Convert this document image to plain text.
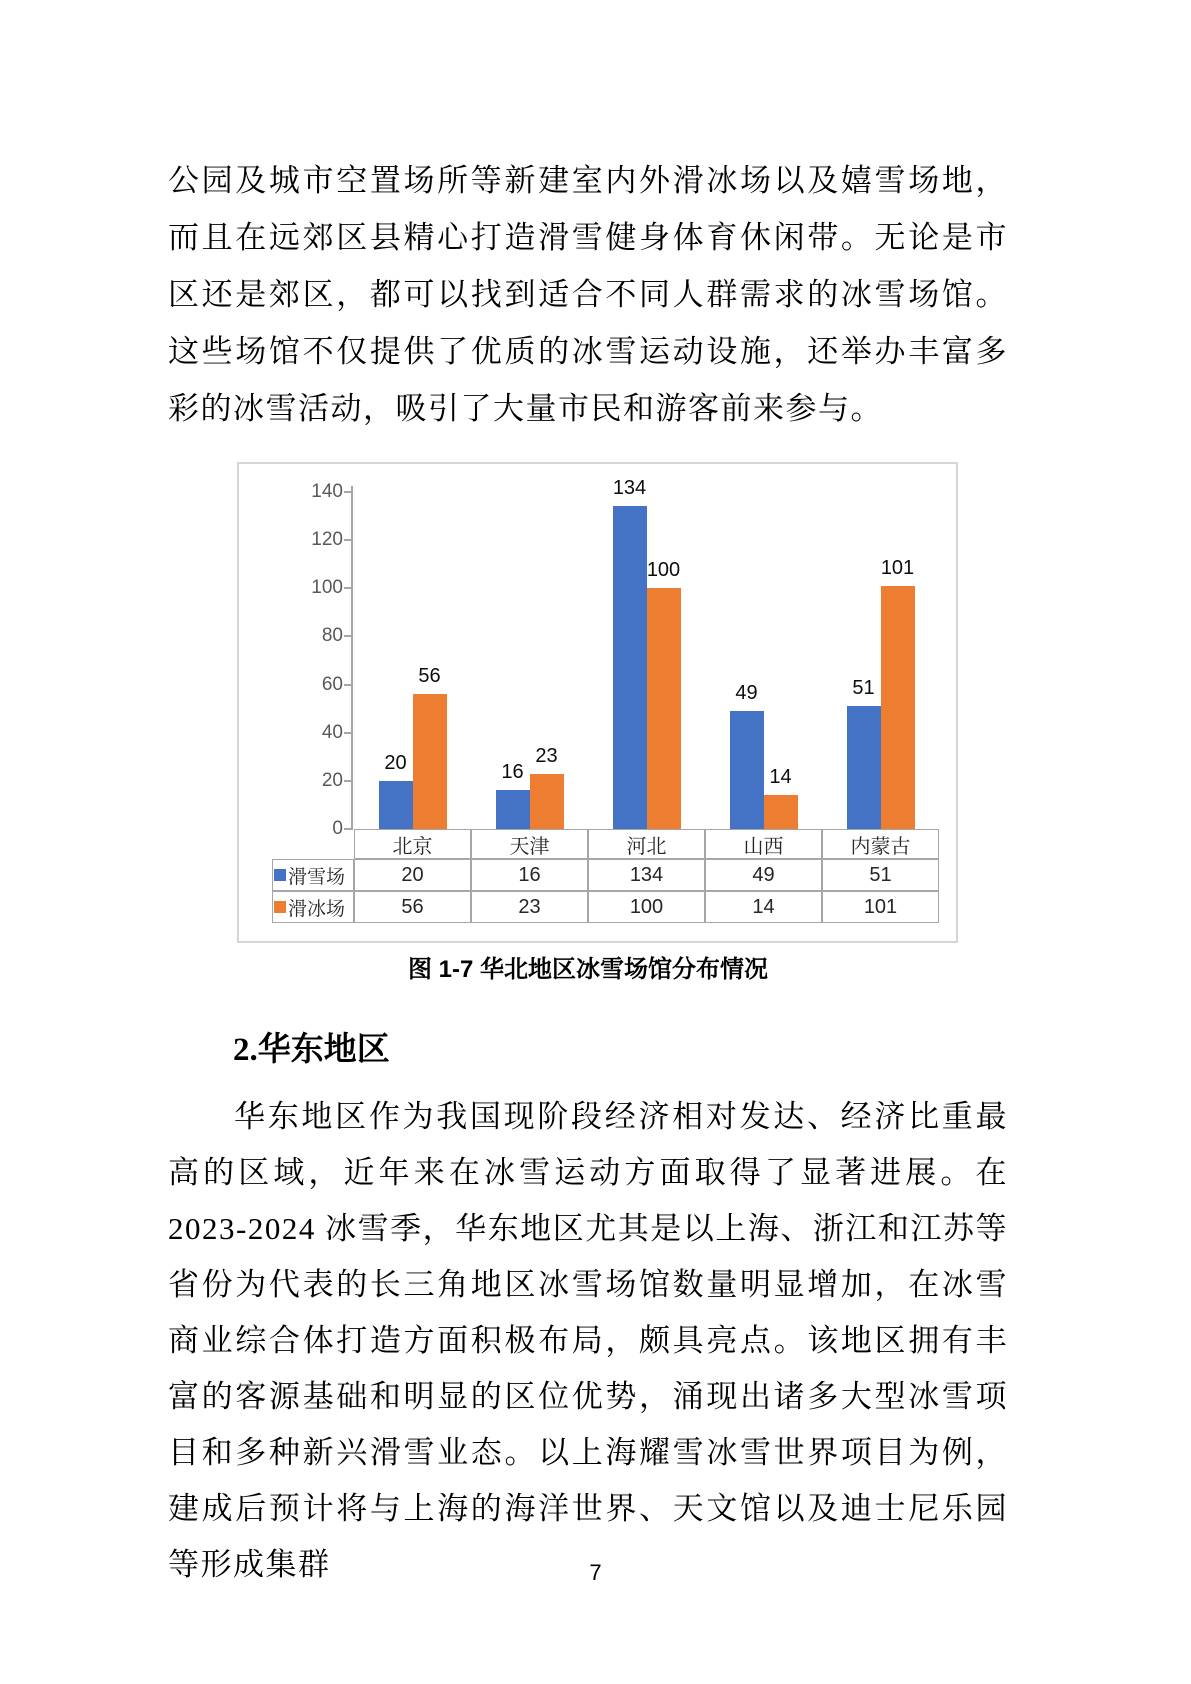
公园及城市空置场所等新建室内外滑冰场以及嬉雪场地，而且在远郊区县精心打造滑雪健身体育休闲带。无论是市区还是郊区，都可以找到适合不同人群需求的冰雪场馆。这些场馆不仅提供了优质的冰雪运动设施，还举办丰富多彩的冰雪活动，吸引了大量市民和游客前来参与。

北京	天津	河北	山西	内蒙古
滑雪场	20	16	134	49	51
滑冰场	56	23	100	14	101
0
20
40
60
80
100
120
140
20	16
134
49	51
56
23
100
14
101
图 1-7 华北地区冰雪场馆分布情况
2.华东地区

华东地区作为我国现阶段经济相对发达、经济比重最高的区域，近年来在冰雪运动方面取得了显著进展。在2023-2024 冰雪季，华东地区尤其是以上海、浙江和江苏等省份为代表的长三角地区冰雪场馆数量明显增加，在冰雪商业综合体打造方面积极布局，颇具亮点。该地区拥有丰富的客源基础和明显的区位优势，涌现出诸多大型冰雪项目和多种新兴滑雪业态。以上海耀雪冰雪世界项目为例，建成后预计将与上海的海洋世界、天文馆以及迪士尼乐园等形成集群	7
